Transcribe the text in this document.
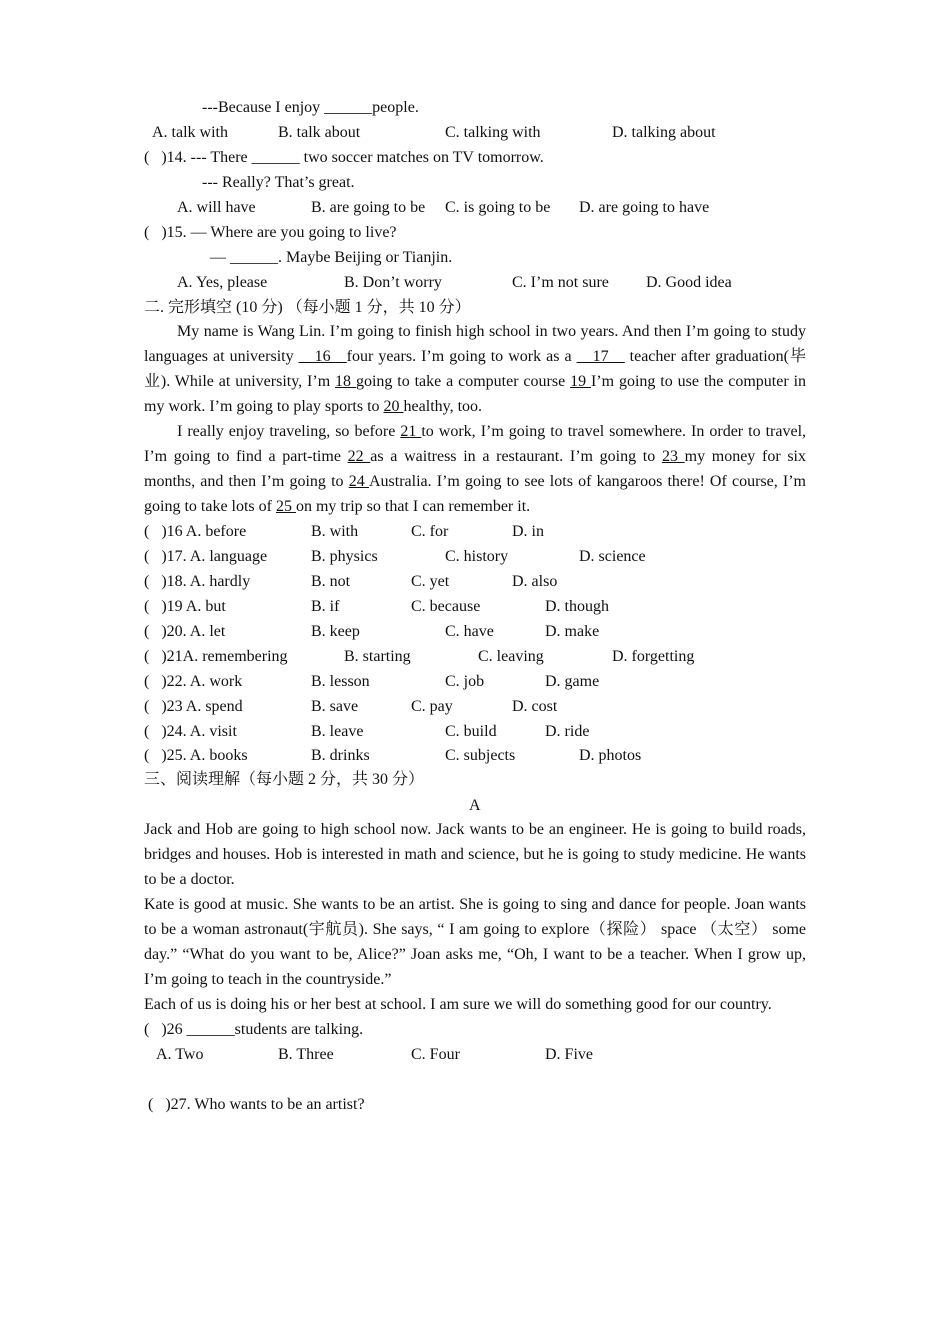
---Because I enjoy ______people.
A. talk with	B. talk about	C. talking with	D. talking about
(   )14. --- There ______ two soccer matches on TV tomorrow.
--- Really? That’s great.
A. will have	B. are going to be C. is going to be D. are going to have
(   )15. — Where are you going to live?
— ______. Maybe Beijing or Tianjin.
A. Yes, please	B. Don’t worry	C. I’m not sure D. Good idea
二. 完形填空 (10 分) （每小题 1 分，共 10 分）
My name is Wang Lin. I’m going to finish high school in two years. And then I’m going to study languages at university __16__four years. I’m going to work as a __17__ teacher after graduation(毕业). While at university, I’m 18 going to take a computer course 19 I’m going to use the computer in my work. I’m going to play sports to 20 healthy, too.
I really enjoy traveling, so before 21 to work, I’m going to travel somewhere. In order to travel, I’m going to find a part-time 22 as a waitress in a restaurant. I’m going to 23 my money for six months, and then I’m going to 24 Australia. I’m going to see lots of kangaroos there! Of course, I’m going to take lots of 25 on my trip so that I can remember it.
(   )16 A. before	B. with	C. for	D. in
(   )17. A. language	B. physics	C. history	D. science
(   )18. A. hardly	B. not	C. yet	D. also
(   )19 A. but	B. if	C. because	D. though
(   )20. A. let	B. keep	C. have	D. make
(   )21A. remembering	B. starting	C. leaving	D. forgetting
(   )22. A. work	B. lesson	C. job	D. game
(   )23 A. spend	B. save	C. pay	D. cost
(   )24. A. visit	B. leave	C. build	D. ride
(   )25. A. books	B. drinks	C. subjects	D. photos
三、阅读理解（每小题 2 分，共 30 分）
A
Jack and Hob are going to high school now. Jack wants to be an engineer. He is going to build roads, bridges and houses. Hob is interested in math and science, but he is going to study medicine. He wants to be a doctor.
Kate is good at music. She wants to be an artist. She is going to sing and dance for people. Joan wants to be a woman astronaut(宇航员). She says, “ I am going to explore（探险） space （太空） some day.” “What do you want to be, Alice?” Joan asks me, “Oh, I want to be a teacher. When I grow up, I’m going to teach in the countryside.”
Each of us is doing his or her best at school. I am sure we will do something good for our country.
(   )26 ______students are talking.
A. Two	B. Three	C. Four	D. Five
(   )27. Who wants to be an artist?
